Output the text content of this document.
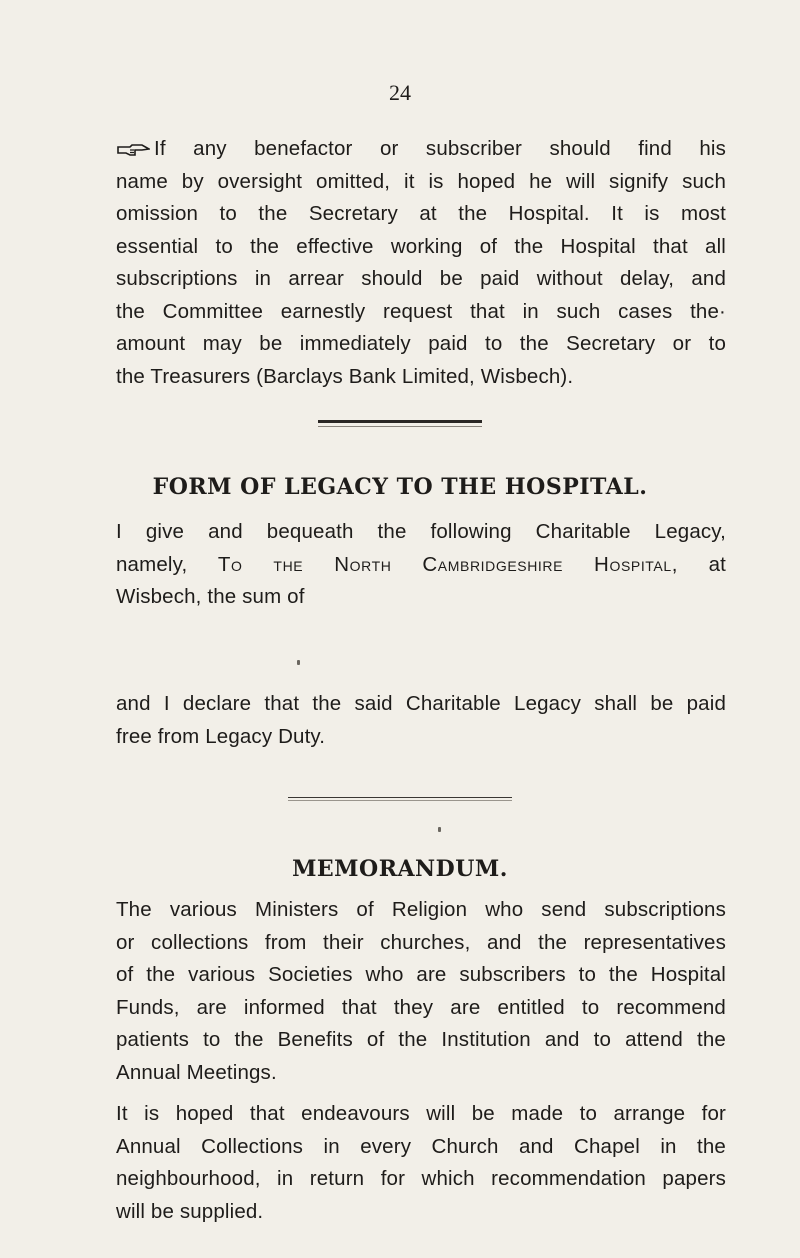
24
If any benefactor or subscriber should find his
name by oversight omitted, it is hoped he will signify such
omission to the Secretary at the Hospital. It is most
essential to the effective working of the Hospital that all
subscriptions in arrear should be paid without delay, and
the Committee earnestly request that in such cases the·
amount may be immediately paid to the Secretary or to
the Treasurers (Barclays Bank Limited, Wisbech).
FORM OF LEGACY TO THE HOSPITAL.
I give and bequeath the following Charitable Legacy,
namely, To the North Cambridgeshire Hospital, at
Wisbech, the sum of
and I declare that the said Charitable Legacy shall be paid
free from Legacy Duty.
MEMORANDUM.
The various Ministers of Religion who send subscriptions
or collections from their churches, and the representatives
of the various Societies who are subscribers to the Hospital
Funds, are informed that they are entitled to recommend
patients to the Benefits of the Institution and to attend the
Annual Meetings.
It is hoped that endeavours will be made to arrange for
Annual Collections in every Church and Chapel in the
neighbourhood, in return for which recommendation papers
will be supplied.
